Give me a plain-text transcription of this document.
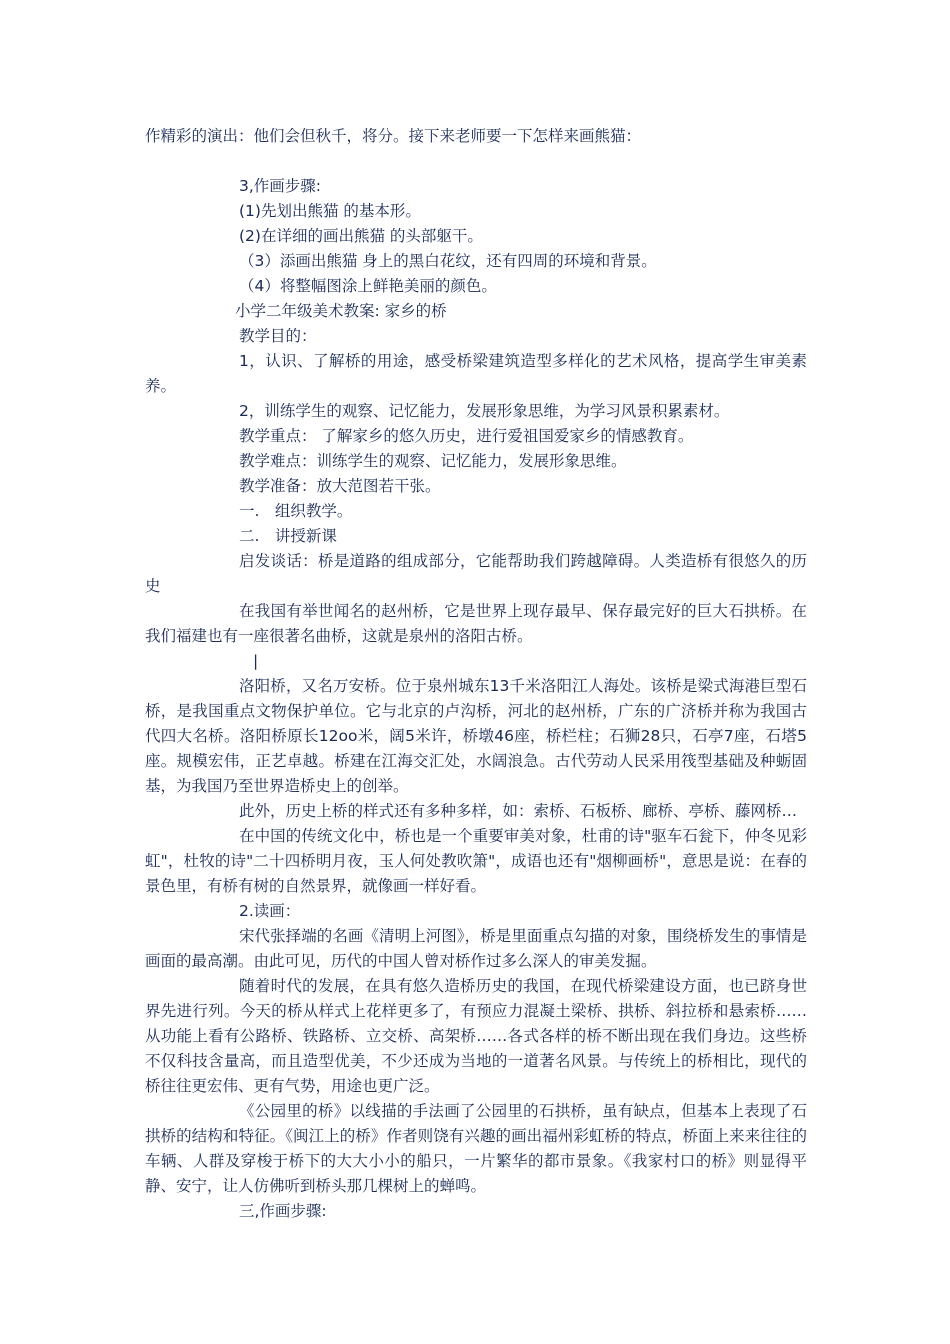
作精彩的演出：他们会但秋千，将分。接下来老师要一下怎样来画熊猫：

3,作画步骤:

(1)先划出熊猫 的基本形。

(2)在详细的画出熊猫 的头部躯干。

（3）添画出熊猫 身上的黑白花纹，还有四周的环境和背景。

（4）将整幅图涂上鲜艳美丽的颜色。

小学二年级美术教案: 家乡的桥

教学目的：

1，认识、了解桥的用途，感受桥梁建筑造型多样化的艺术风格，提高学生审美素养。

2，训练学生的观察、记忆能力，发展形象思维，为学习风景积累素材。

教学重点： 了解家乡的悠久历史，进行爱祖国爱家乡的情感教育。

教学难点：训练学生的观察、记忆能力，发展形象思维。

教学准备：放大范图若干张。

一.　组织教学。

二.　讲授新课

启发谈话：桥是道路的组成部分，它能帮助我们跨越障碍。人类造桥有很悠久的历史

在我国有举世闻名的赵州桥，它是世界上现存最早、保存最完好的巨大石拱桥。在我们福建也有一座很著名曲桥，这就是泉州的洛阳古桥。

|

洛阳桥，又名万安桥。位于泉州城东13千米洛阳江人海处。该桥是梁式海港巨型石桥，是我国重点文物保护单位。它与北京的卢沟桥，河北的赵州桥，广东的广济桥并称为我国古代四大名桥。洛阳桥原长12oo米，阔5米许，桥墩46座，桥栏柱；石狮28只，石亭7座，石塔5座。规模宏伟，正艺卓越。桥建在江海交汇处，水阔浪急。古代劳动人民采用筏型基础及种蛎固基，为我国乃至世界造桥史上的创举。

此外，历史上桥的样式还有多种多样，如：索桥、石板桥、廊桥、亭桥、藤网桥…

在中国的传统文化中，桥也是一个重要审美对象，杜甫的诗"驱车石瓮下，仲冬见彩虹"，杜牧的诗"二十四桥明月夜，玉人何处教吹箫"，成语也还有"烟柳画桥"，意思是说：在春的景色里，有桥有树的自然景界，就像画一样好看。

2.读画：

宋代张择端的名画《清明上河图》，桥是里面重点勾描的对象，围绕桥发生的事情是画面的最高潮。由此可见，历代的中国人曾对桥作过多么深人的审美发掘。

随着时代的发展，在具有悠久造桥历史的我国，在现代桥梁建设方面，也已跻身世界先进行列。今天的桥从样式上花样更多了，有预应力混凝土梁桥、拱桥、斜拉桥和悬索桥……从功能上看有公路桥、铁路桥、立交桥、高架桥……各式各样的桥不断出现在我们身边。这些桥不仅科技含量高，而且造型优美，不少还成为当地的一道著名风景。与传统上的桥相比，现代的桥往往更宏伟、更有气势，用途也更广泛。

《公园里的桥》以线描的手法画了公园里的石拱桥，虽有缺点，但基本上表现了石拱桥的结构和特征。《闽江上的桥》作者则饶有兴趣的画出福州彩虹桥的特点，桥面上来来往往的车辆、人群及穿梭于桥下的大大小小的船只，一片繁华的都市景象。《我家村口的桥》则显得平静、安宁，让人仿佛听到桥头那几棵树上的蝉鸣。

三,作画步骤:
